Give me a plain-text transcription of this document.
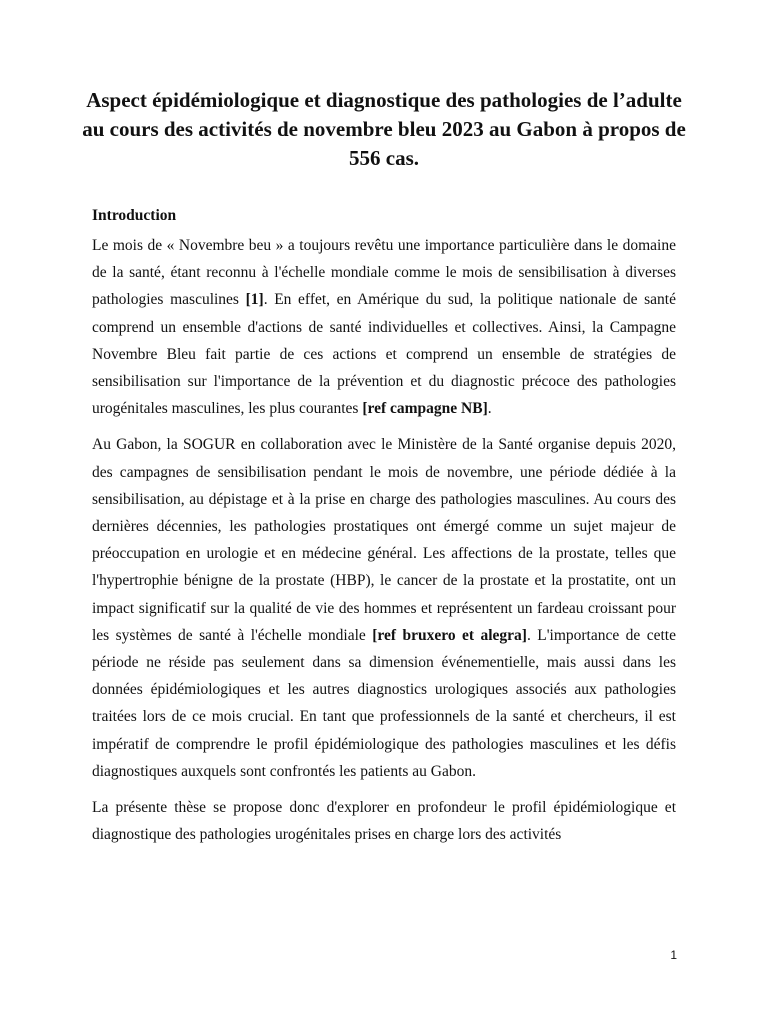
Aspect épidémiologique et diagnostique des pathologies de l’adulte au cours des activités de novembre bleu 2023 au Gabon à propos de 556 cas.
Introduction

Le mois de « Novembre beu » a toujours revêtu une importance particulière dans le domaine de la santé, étant reconnu à l'échelle mondiale comme le mois de sensibilisation à diverses pathologies masculines [1]. En effet, en Amérique du sud, la politique nationale de santé comprend un ensemble d'actions de santé individuelles et collectives. Ainsi, la Campagne Novembre Bleu fait partie de ces actions et comprend un ensemble de stratégies de sensibilisation sur l'importance de la prévention et du diagnostic précoce des pathologies urogénitales masculines, les plus courantes [ref campagne NB].

Au Gabon, la SOGUR en collaboration avec le Ministère de la Santé organise depuis 2020, des campagnes de sensibilisation pendant le mois de novembre, une période dédiée à la sensibilisation, au dépistage et à la prise en charge des pathologies masculines. Au cours des dernières décennies, les pathologies prostatiques ont émergé comme un sujet majeur de préoccupation en urologie et en médecine général. Les affections de la prostate, telles que l'hypertrophie bénigne de la prostate (HBP), le cancer de la prostate et la prostatite, ont un impact significatif sur la qualité de vie des hommes et représentent un fardeau croissant pour les systèmes de santé à l'échelle mondiale [ref bruxero et alegra]. L'importance de cette période ne réside pas seulement dans sa dimension événementielle, mais aussi dans les données épidémiologiques et les autres diagnostics urologiques associés aux pathologies traitées lors de ce mois crucial. En tant que professionnels de la santé et chercheurs, il est impératif de comprendre le profil épidémiologique des pathologies masculines et les défis diagnostiques auxquels sont confrontés les patients au Gabon.

La présente thèse se propose donc d'explorer en profondeur le profil épidémiologique et diagnostique des pathologies urogénitales prises en charge lors des activités

1
